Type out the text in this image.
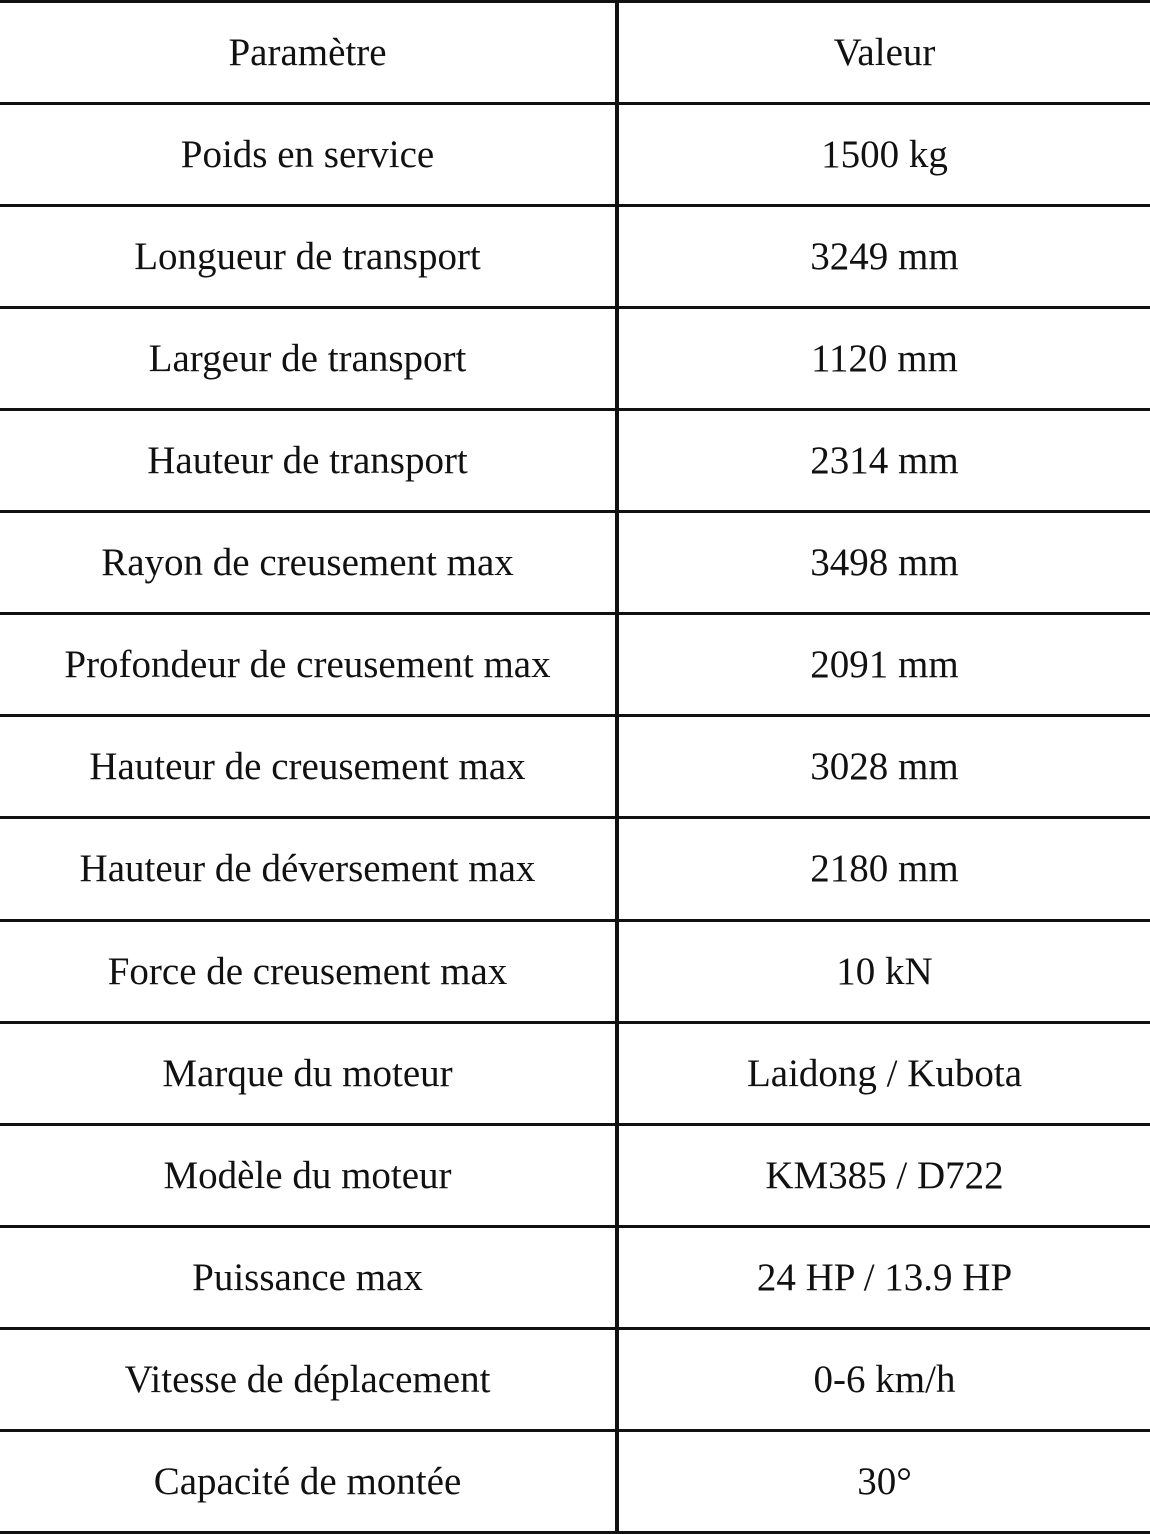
Paramètre	Valeur
Poids en service	1500 kg
Longueur de transport	3249 mm
Largeur de transport	1120 mm
Hauteur de transport	2314 mm
Rayon de creusement max	3498 mm
Profondeur de creusement max	2091 mm
Hauteur de creusement max	3028 mm
Hauteur de déversement max	2180 mm
Force de creusement max	10 kN
Marque du moteur	Laidong / Kubota
Modèle du moteur	KM385 / D722
Puissance max	24 HP / 13.9 HP
Vitesse de déplacement	0-6 km/h
Capacité de montée	30°
